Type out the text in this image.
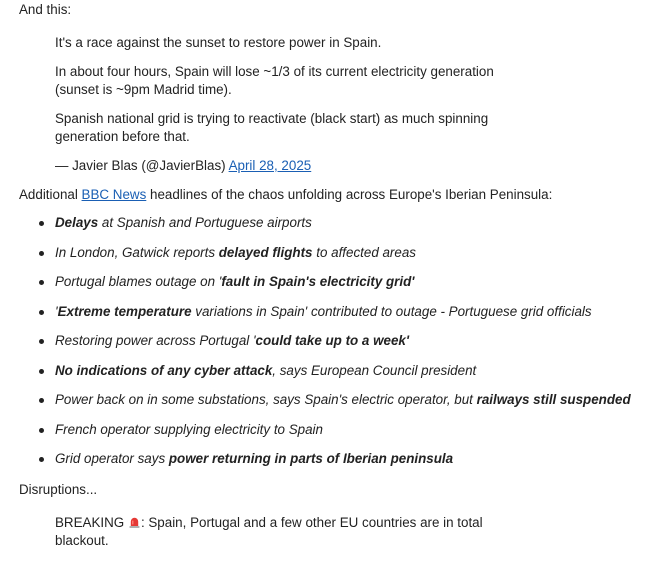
And this:

It's a race against the sunset to restore power in Spain.

In about four hours, Spain will lose ~1/3 of its current electricity generation
(sunset is ~9pm Madrid time).

Spanish national grid is trying to reactivate (black start) as much spinning
generation before that.

— Javier Blas (@JavierBlas) April 28, 2025

Additional BBC News headlines of the chaos unfolding across Europe's Iberian Peninsula:

Delays at Spanish and Portuguese airports
In London, Gatwick reports delayed flights to affected areas
Portugal blames outage on 'fault in Spain's electricity grid'
'Extreme temperature variations in Spain' contributed to outage - Portuguese grid officials
Restoring power across Portugal 'could take up to a week'
No indications of any cyber attack, says European Council president
Power back on in some substations, says Spain's electric operator, but railways still suspended
French operator supplying electricity to Spain
Grid operator says power returning in parts of Iberian peninsula

Disruptions...

BREAKING : Spain, Portugal and a few other EU countries are in total
blackout.
